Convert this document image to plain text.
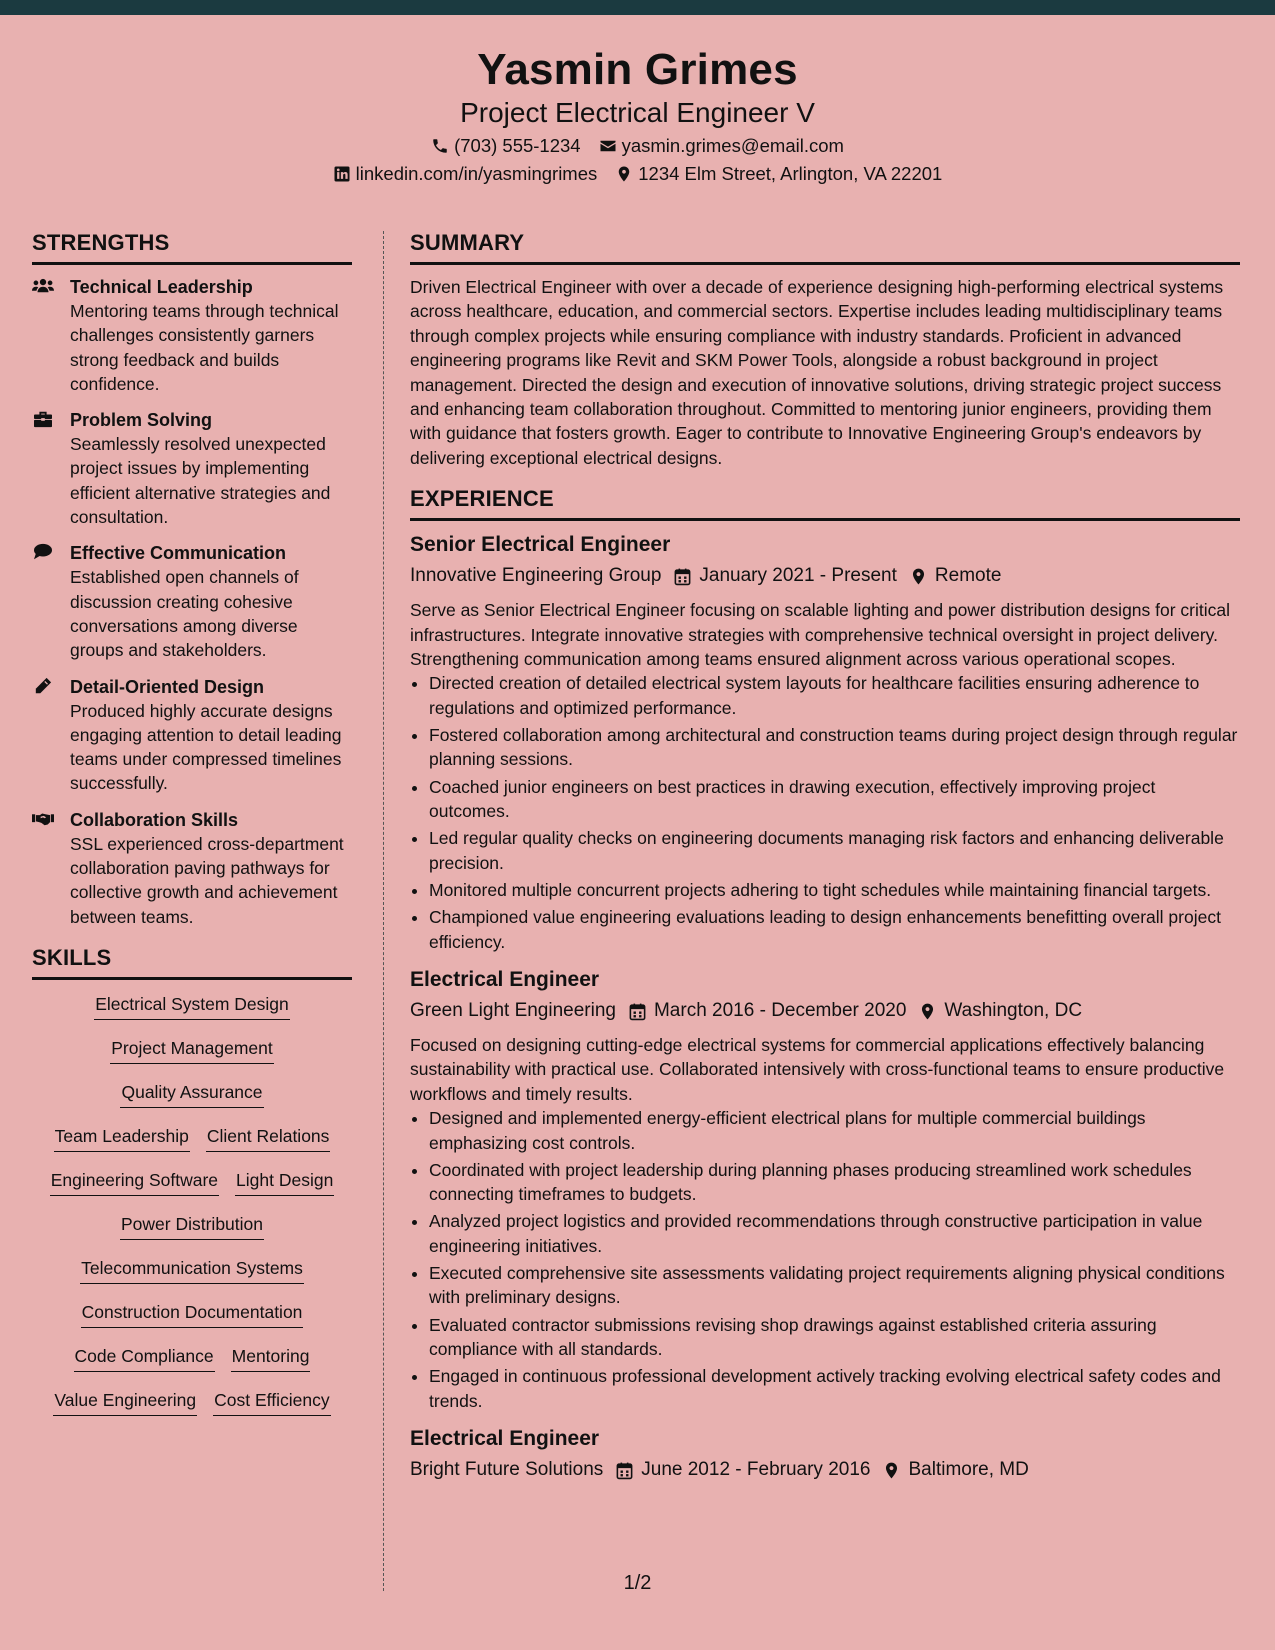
Yasmin Grimes
Project Electrical Engineer V
(703) 555-1234 yasmin.grimes@email.com
linkedin.com/in/yasmingrimes 1234 Elm Street, Arlington, VA 22201
STRENGTHS
Technical Leadership
Mentoring teams through technical challenges consistently garners strong feedback and builds confidence.
Problem Solving
Seamlessly resolved unexpected project issues by implementing efficient alternative strategies and consultation.
Effective Communication
Established open channels of discussion creating cohesive conversations among diverse groups and stakeholders.
Detail-Oriented Design
Produced highly accurate designs engaging attention to detail leading teams under compressed timelines successfully.
Collaboration Skills
SSL experienced cross-department collaboration paving pathways for collective growth and achievement between teams.
SKILLS
Electrical System Design
Project Management
Quality Assurance
Team Leadership Client Relations
Engineering Software Light Design
Power Distribution
Telecommunication Systems
Construction Documentation
Code Compliance Mentoring
Value Engineering Cost Efficiency
SUMMARY
Driven Electrical Engineer with over a decade of experience designing high-performing electrical systems across healthcare, education, and commercial sectors. Expertise includes leading multidisciplinary teams through complex projects while ensuring compliance with industry standards. Proficient in advanced engineering programs like Revit and SKM Power Tools, alongside a robust background in project management. Directed the design and execution of innovative solutions, driving strategic project success and enhancing team collaboration throughout. Committed to mentoring junior engineers, providing them with guidance that fosters growth. Eager to contribute to Innovative Engineering Group's endeavors by delivering exceptional electrical designs.
EXPERIENCE
Senior Electrical Engineer
Innovative Engineering Group January 2021 - Present Remote
Serve as Senior Electrical Engineer focusing on scalable lighting and power distribution designs for critical infrastructures. Integrate innovative strategies with comprehensive technical oversight in project delivery. Strengthening communication among teams ensured alignment across various operational scopes.
• Directed creation of detailed electrical system layouts for healthcare facilities ensuring adherence to regulations and optimized performance.
• Fostered collaboration among architectural and construction teams during project design through regular planning sessions.
• Coached junior engineers on best practices in drawing execution, effectively improving project outcomes.
• Led regular quality checks on engineering documents managing risk factors and enhancing deliverable precision.
• Monitored multiple concurrent projects adhering to tight schedules while maintaining financial targets.
• Championed value engineering evaluations leading to design enhancements benefitting overall project efficiency.
Electrical Engineer
Green Light Engineering March 2016 - December 2020 Washington, DC
Focused on designing cutting-edge electrical systems for commercial applications effectively balancing sustainability with practical use. Collaborated intensively with cross-functional teams to ensure productive workflows and timely results.
• Designed and implemented energy-efficient electrical plans for multiple commercial buildings emphasizing cost controls.
• Coordinated with project leadership during planning phases producing streamlined work schedules connecting timeframes to budgets.
• Analyzed project logistics and provided recommendations through constructive participation in value engineering initiatives.
• Executed comprehensive site assessments validating project requirements aligning physical conditions with preliminary designs.
• Evaluated contractor submissions revising shop drawings against established criteria assuring compliance with all standards.
• Engaged in continuous professional development actively tracking evolving electrical safety codes and trends.
Electrical Engineer
Bright Future Solutions June 2012 - February 2016 Baltimore, MD
1/2
